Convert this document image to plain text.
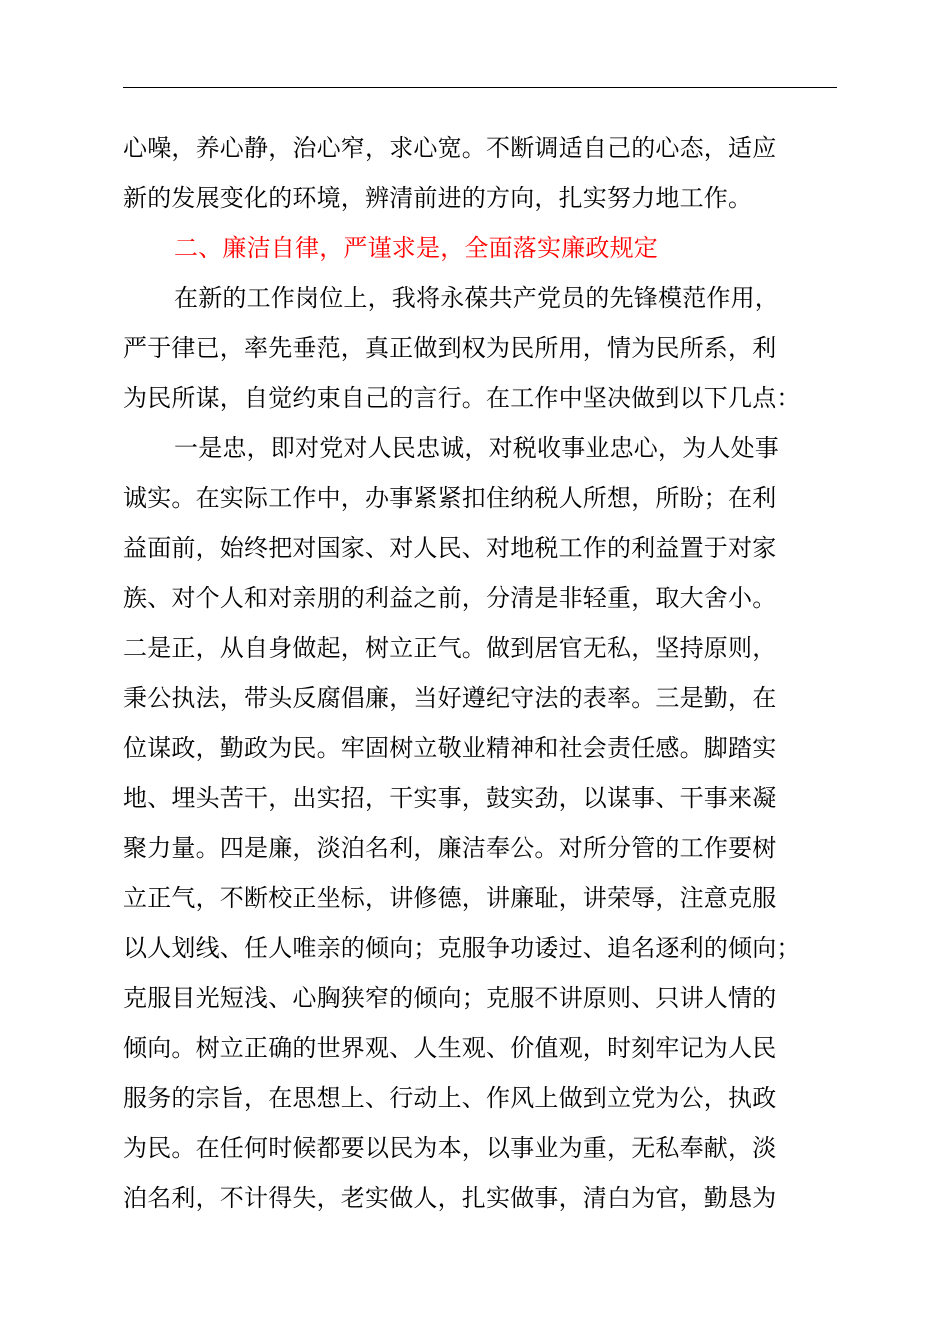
心噪，养心静，治心窄，求心宽。不断调适自己的心态，适应
新的发展变化的环境，辨清前进的方向，扎实努力地工作。
二、廉洁自律，严谨求是，全面落实廉政规定
在新的工作岗位上，我将永葆共产党员的先锋模范作用，
严于律已，率先垂范，真正做到权为民所用，情为民所系，利
为民所谋，自觉约束自己的言行。在工作中坚决做到以下几点：
一是忠，即对党对人民忠诚，对税收事业忠心，为人处事
诚实。在实际工作中，办事紧紧扣住纳税人所想，所盼；在利
益面前，始终把对国家、对人民、对地税工作的利益置于对家
族、对个人和对亲朋的利益之前，分清是非轻重，取大舍小。
二是正，从自身做起，树立正气。做到居官无私，坚持原则，
秉公执法，带头反腐倡廉，当好遵纪守法的表率。三是勤，在
位谋政，勤政为民。牢固树立敬业精神和社会责任感。脚踏实
地、埋头苦干，出实招，干实事，鼓实劲，以谋事、干事来凝
聚力量。四是廉，淡泊名利，廉洁奉公。对所分管的工作要树
立正气，不断校正坐标，讲修德，讲廉耻，讲荣辱，注意克服
以人划线、任人唯亲的倾向；克服争功诿过、追名逐利的倾向；
克服目光短浅、心胸狭窄的倾向；克服不讲原则、只讲人情的
倾向。树立正确的世界观、人生观、价值观，时刻牢记为人民
服务的宗旨，在思想上、行动上、作风上做到立党为公，执政
为民。在任何时候都要以民为本，以事业为重，无私奉献，淡
泊名利，不计得失，老实做人，扎实做事，清白为官，勤恳为
